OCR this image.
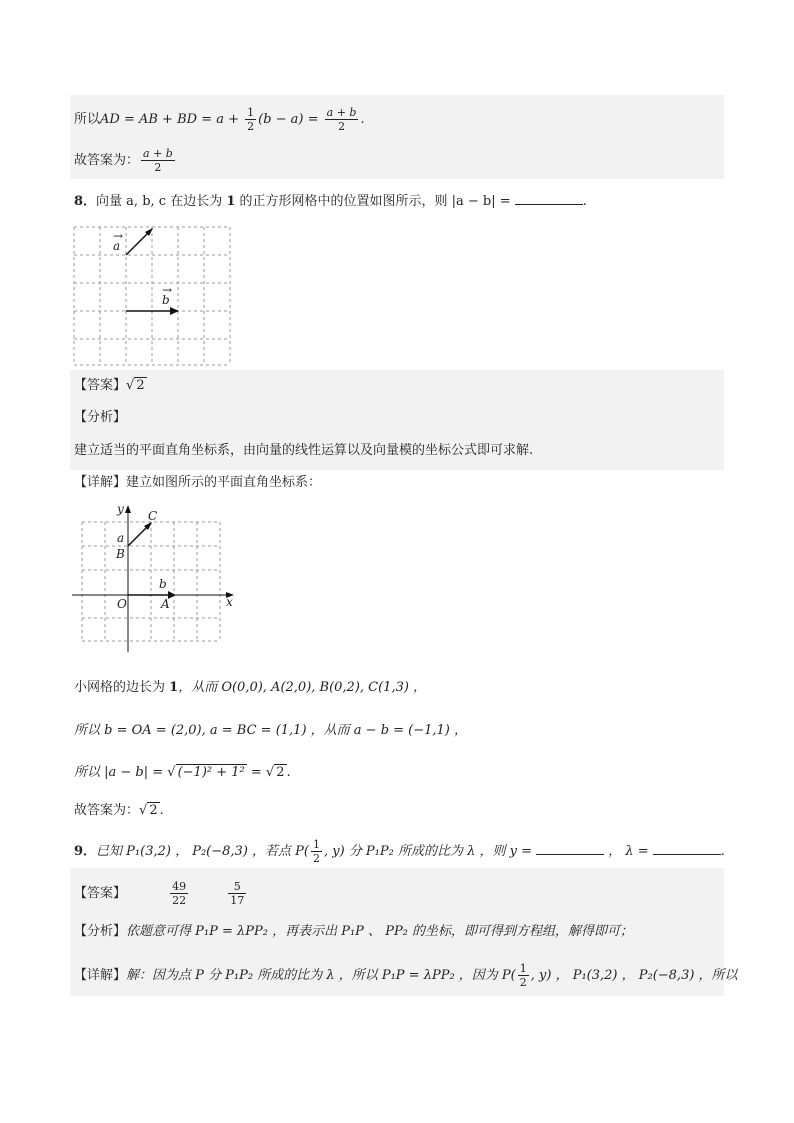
所以AD = AB + BD = $a + \frac{1}{2} (b - a) = \frac{a + b}{2}$ .
故答案为： $\frac{a + b}{2}$
8．向量 a, b, c 在边长为 1 的正方形网格中的位置如图所示，则 |a − b| =	.
a
b
→
→
【答案】√ 2
【分析】
建立适当的平面直角坐标系，由向量的线性运算以及向量模的坐标公式即可求解.
【详解】建立如图所示的平面直角坐标系：
y
x
C
B
O	A
a
b
小网格的边长为 1，从而 O(0,0), A(2,0), B(0,2), C(1,3) ，
所以 b = OA = (2,0), a = BC = (1,1) ，从而 a − b = (−1,1) ，
所以 |a − b| = √ (−1)² + 1² = √ 2 .
故答案为：√ 2 .
9．已知 P₁(3,2) ， P₂(−8,3) ，若点 $P( \frac{1}{2}$ , y) 分 P₁P₂ 所成的比为 λ ，则 y =	， λ =	.
【答案】	$\frac{49}{22}$
	$\frac{5}{17}$
【分析】依题意可得 P₁P = λPP₂ ，再表示出 P₁P 、 PP₂ 的坐标，即可得到方程组，解得即可；
【详解】解：因为点 P 分 P₁P₂ 所成的比为 λ ，所以 P₁P = λPP₂ ，因为 $P( \frac{1}{2}$ , y) ， P₁(3,2) ， P₂(−8,3) ，所以
